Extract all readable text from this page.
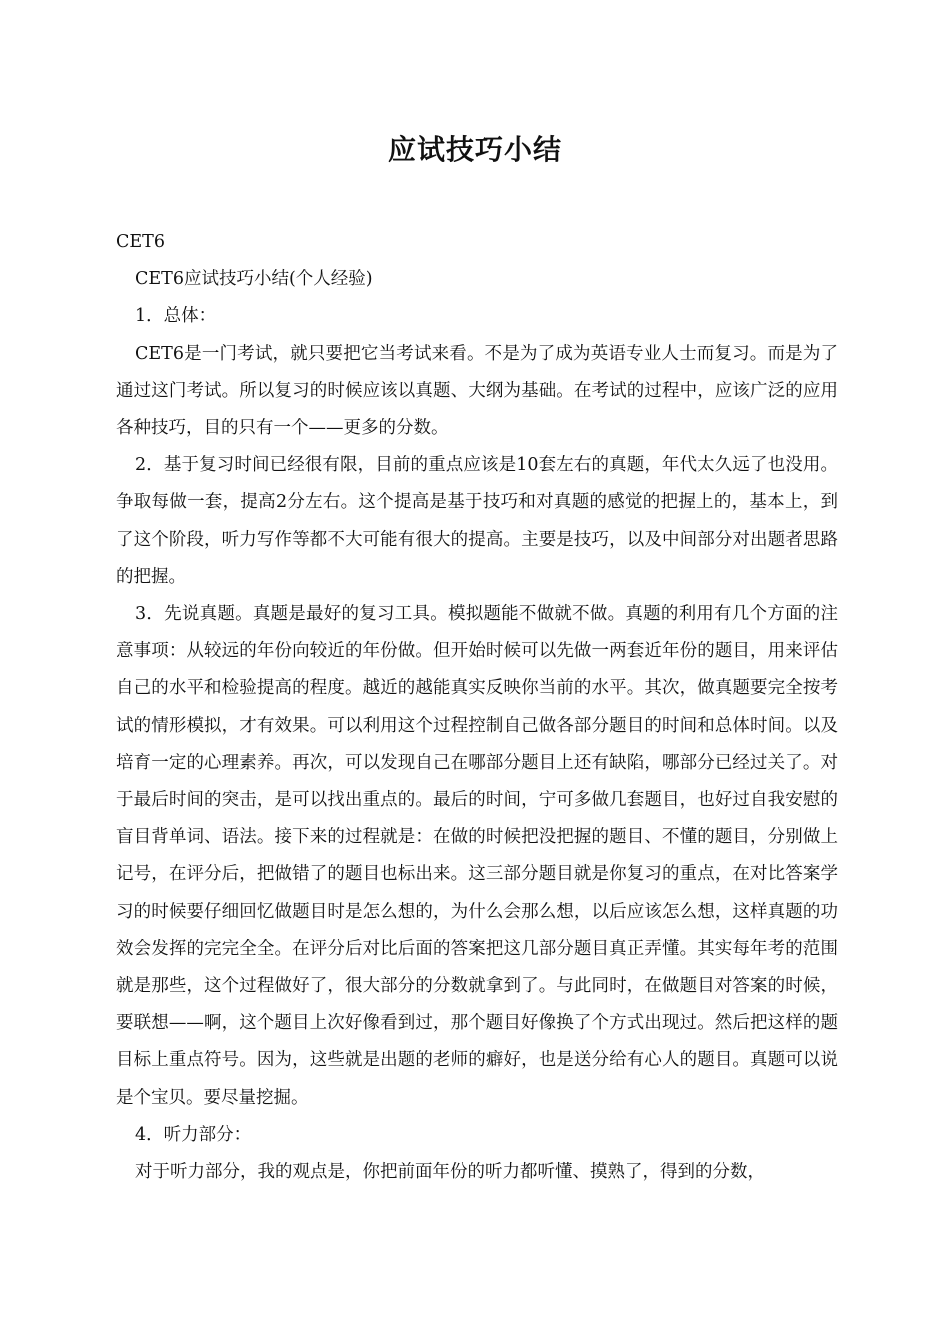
应试技巧小结

CET6

CET6应试技巧小结(个人经验)

1．总体：

CET6是一门考试，就只要把它当考试来看。不是为了成为英语专业人士而复习。而是为了通过这门考试。所以复习的时候应该以真题、大纲为基础。在考试的过程中，应该广泛的应用各种技巧，目的只有一个——更多的分数。

2．基于复习时间已经很有限，目前的重点应该是10套左右的真题，年代太久远了也没用。争取每做一套，提高2分左右。这个提高是基于技巧和对真题的感觉的把握上的，基本上，到了这个阶段，听力写作等都不大可能有很大的提高。主要是技巧，以及中间部分对出题者思路的把握。

3．先说真题。真题是最好的复习工具。模拟题能不做就不做。真题的利用有几个方面的注意事项：从较远的年份向较近的年份做。但开始时候可以先做一两套近年份的题目，用来评估自己的水平和检验提高的程度。越近的越能真实反映你当前的水平。其次，做真题要完全按考试的情形模拟，才有效果。可以利用这个过程控制自己做各部分题目的时间和总体时间。以及培育一定的心理素养。再次，可以发现自己在哪部分题目上还有缺陷，哪部分已经过关了。对于最后时间的突击，是可以找出重点的。最后的时间，宁可多做几套题目，也好过自我安慰的盲目背单词、语法。接下来的过程就是：在做的时候把没把握的题目、不懂的题目，分别做上记号，在评分后，把做错了的题目也标出来。这三部分题目就是你复习的重点，在对比答案学习的时候要仔细回忆做题目时是怎么想的，为什么会那么想，以后应该怎么想，这样真题的功效会发挥的完完全全。在评分后对比后面的答案把这几部分题目真正弄懂。其实每年考的范围就是那些，这个过程做好了，很大部分的分数就拿到了。与此同时，在做题目对答案的时候，要联想——啊，这个题目上次好像看到过，那个题目好像换了个方式出现过。然后把这样的题目标上重点符号。因为，这些就是出题的老师的癖好，也是送分给有心人的题目。真题可以说是个宝贝。要尽量挖掘。

4．听力部分：

对于听力部分，我的观点是，你把前面年份的听力都听懂、摸熟了，得到的分数，
